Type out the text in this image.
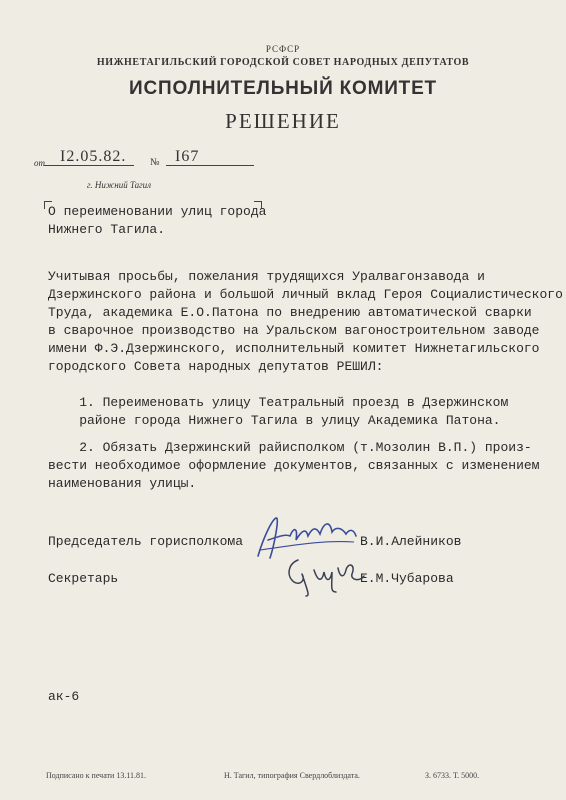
РСФСР
НИЖНЕТАГИЛЬСКИЙ ГОРОДСКОЙ СОВЕТ НАРОДНЫХ ДЕПУТАТОВ
ИСПОЛНИТЕЛЬНЫЙ КОМИТЕТ
РЕШЕНИЕ
от I2.05.82. № I67
г. Нижний Тагил
О переименовании улиц города
Нижнего Тагила.
Учитывая просьбы, пожелания трудящихся Уралвагонзавода и
Дзержинского района и большой личный вклад Героя Социалистического
Труда, академика Е.О.Патона по внедрению автоматической сварки
в сварочное производство на Уральском вагоностроительном заводе
имени Ф.Э.Дзержинского, исполнительный комитет Нижнетагильского
городского Совета народных депутатов РЕШИЛ:
1. Переименовать улицу Театральный проезд в Дзержинском
районе города Нижнего Тагила в улицу Академика Патона.
2. Обязать Дзержинский райисполком (т.Мозолин В.П.) произ-
вести необходимое оформление документов, связанных с изменением
наименования улицы.
Председатель горисполкома	В.И.Алейников
Секретарь	Е.М.Чубарова
ак-6
Подписано к печати 13.11.81.	Н. Тагил, типография Свердлоблиздата.	З. 6733. Т. 5000.
